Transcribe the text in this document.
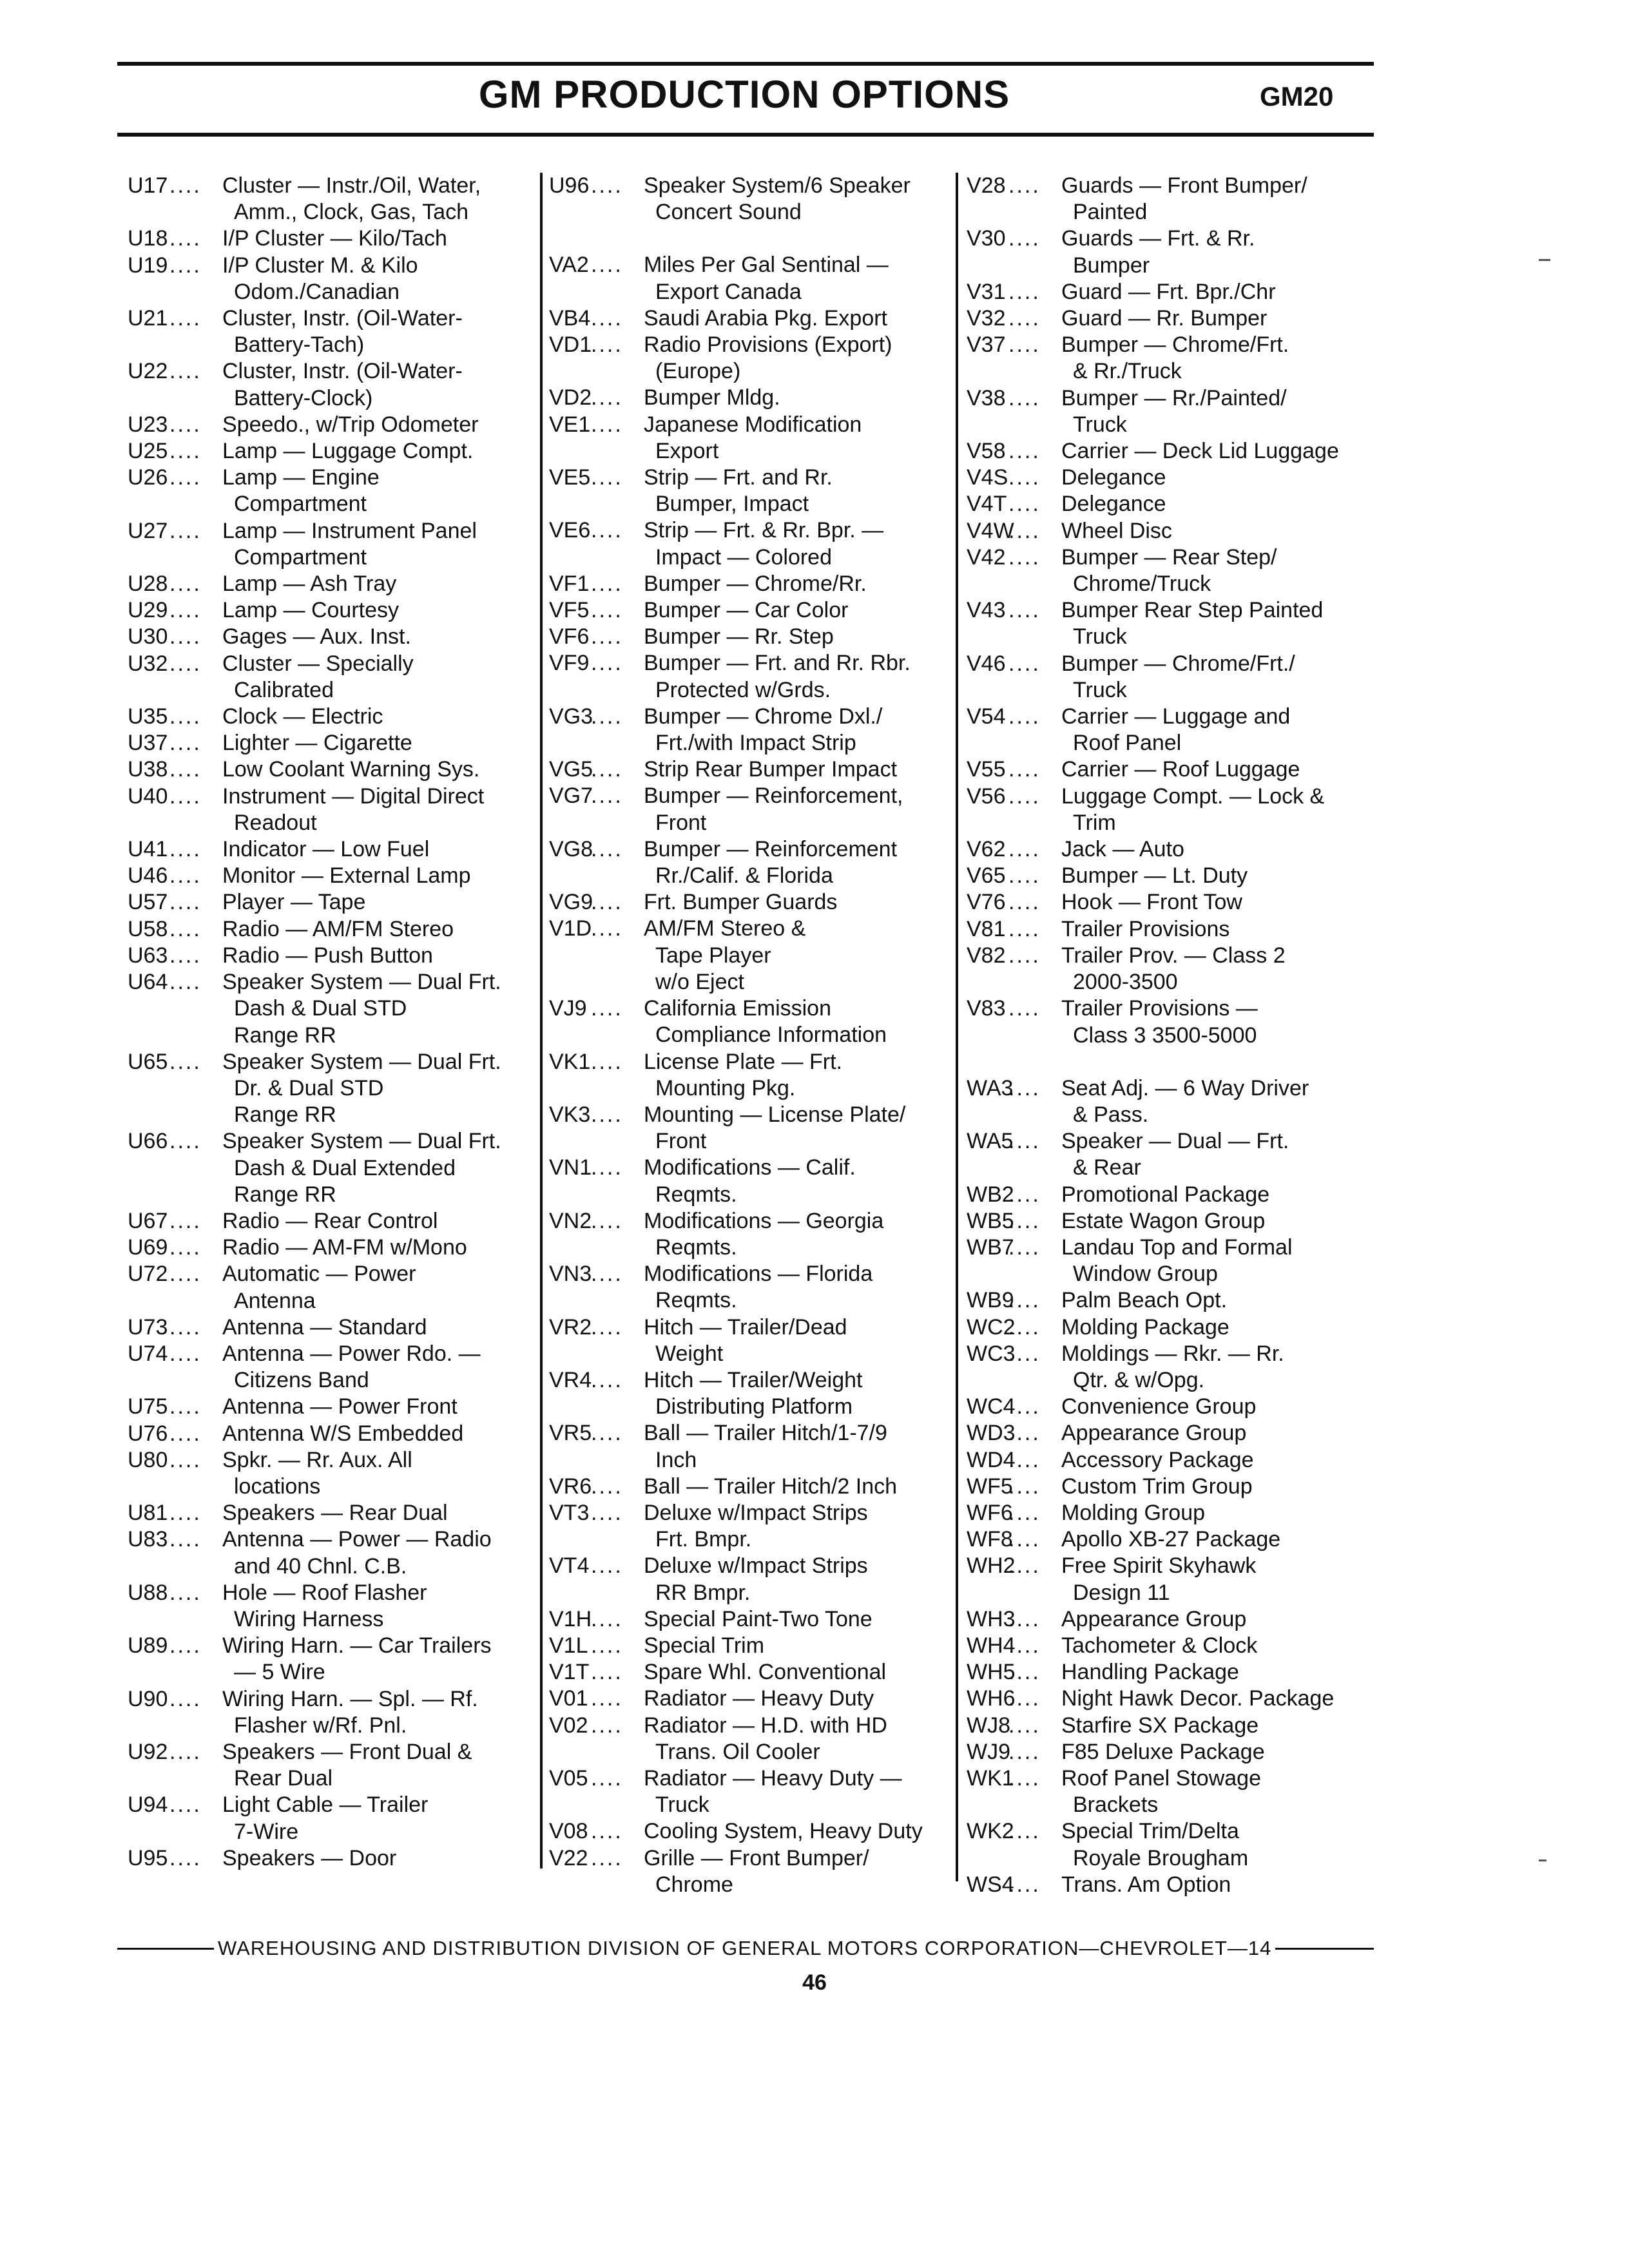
GM PRODUCTION OPTIONS	GM20
U17 .... Cluster — Instr./Oil, Water,
Amm., Clock, Gas, Tach
U18 .... I/P Cluster — Kilo/Tach
U19 .... I/P Cluster M. & Kilo
Odom./Canadian
U21 .... Cluster, Instr. (Oil-Water-
Battery-Tach)
U22 .... Cluster, Instr. (Oil-Water-
Battery-Clock)
U23 .... Speedo., w/Trip Odometer
U25 .... Lamp — Luggage Compt.
U26 .... Lamp — Engine
Compartment
U27 .... Lamp — Instrument Panel
Compartment
U28 .... Lamp — Ash Tray
U29 .... Lamp — Courtesy
U30 .... Gages — Aux. Inst.
U32 .... Cluster — Specially
Calibrated
U35 .... Clock — Electric
U37 .... Lighter — Cigarette
U38 .... Low Coolant Warning Sys.
U40 .... Instrument — Digital Direct
Readout
U41 .... Indicator — Low Fuel
U46 .... Monitor — External Lamp
U57 .... Player — Tape
U58 .... Radio — AM/FM Stereo
U63 .... Radio — Push Button
U64 .... Speaker System — Dual Frt.
Dash & Dual STD
Range RR
U65 .... Speaker System — Dual Frt.
Dr. & Dual STD
Range RR
U66 .... Speaker System — Dual Frt.
Dash & Dual Extended
Range RR
U67 .... Radio — Rear Control
U69 .... Radio — AM-FM w/Mono
U72 .... Automatic — Power
Antenna
U73 .... Antenna — Standard
U74 .... Antenna — Power Rdo. —
Citizens Band
U75 .... Antenna — Power Front
U76 .... Antenna W/S Embedded
U80 .... Spkr. — Rr. Aux. All
locations
U81 .... Speakers — Rear Dual
U83 .... Antenna — Power — Radio
and 40 Chnl. C.B.
U88 .... Hole — Roof Flasher
Wiring Harness
U89 .... Wiring Harn. — Car Trailers
— 5 Wire
U90 .... Wiring Harn. — Spl. — Rf.
Flasher w/Rf. Pnl.
U92 .... Speakers — Front Dual &
Rear Dual
U94 .... Light Cable — Trailer
7-Wire
U95 .... Speakers — Door
U96 .... Speaker System/6 Speaker
Concert Sound
VA2 .... Miles Per Gal Sentinal —
Export Canada
VB4 .... Saudi Arabia Pkg. Export
VD1
.... Radio Provisions (Export)
(Europe)
VD2
.... Bumper Mldg.
VE1 .... Japanese Modification
Export
VE5 .... Strip — Frt. and Rr.
Bumper, Impact
VE6 .... Strip — Frt. & Rr. Bpr. —
Impact — Colored
VF1 .... Bumper — Chrome/Rr.
VF5 .... Bumper — Car Color
VF6 .... Bumper — Rr. Step
VF9 .... Bumper — Frt. and Rr. Rbr.
Protected w/Grds.
VG3
.... Bumper — Chrome Dxl./
Frt./with Impact Strip
VG5
.... Strip Rear Bumper Impact
VG7
.... Bumper — Reinforcement,
Front
VG8
.... Bumper — Reinforcement
Rr./Calif. & Florida
VG9
.... Frt. Bumper Guards
V1D
.... AM/FM Stereo &
Tape Player
w/o Eject
VJ9 .... California Emission
Compliance Information
VK1 .... License Plate — Frt.
Mounting Pkg.
VK3 .... Mounting — License Plate/
Front
VN1
.... Modifications — Calif.
Reqmts.
VN2
.... Modifications — Georgia
Reqmts.
VN3
.... Modifications — Florida
Reqmts.
VR2
.... Hitch — Trailer/Dead
Weight
VR4
.... Hitch — Trailer/Weight
Distributing Platform
VR5
.... Ball — Trailer Hitch/1-7/9
Inch
VR6
.... Ball — Trailer Hitch/2 Inch
VT3 .... Deluxe w/Impact Strips
Frt. Bmpr.
VT4 .... Deluxe w/Impact Strips
RR Bmpr.
V1H
.... Special Paint-Two Tone
V1L .... Special Trim
V1T .... Spare Whl. Conventional
V01 .... Radiator — Heavy Duty
V02 .... Radiator — H.D. with HD
Trans. Oil Cooler
V05 .... Radiator — Heavy Duty —
Truck
V08 .... Cooling System, Heavy Duty
V22 .... Grille — Front Bumper/
Chrome
V28 .... Guards — Front Bumper/
Painted
V30 .... Guards — Frt. & Rr.
Bumper
V31 .... Guard — Frt. Bpr./Chr
V32 .... Guard — Rr. Bumper
V37 .... Bumper — Chrome/Frt.
& Rr./Truck
V38 .... Bumper — Rr./Painted/
Truck
V58 .... Carrier — Deck Lid Luggage
V4S .... Delegance
V4T .... Delegance
V4W
.... Wheel Disc
V42 .... Bumper — Rear Step/
Chrome/Truck
V43 .... Bumper Rear Step Painted
Truck
V46 .... Bumper — Chrome/Frt./
Truck
V54 .... Carrier — Luggage and
Roof Panel
V55 .... Carrier — Roof Luggage
V56 .... Luggage Compt. — Lock &
Trim
V62 .... Jack — Auto
V65 .... Bumper — Lt. Duty
V76 .... Hook — Front Tow
V81 .... Trailer Provisions
V82 .... Trailer Prov. — Class 2
2000-3500
V83 .... Trailer Provisions —
Class 3 3500-5000
WA3
.... Seat Adj. — 6 Way Driver
& Pass.
WA5
.... Speaker — Dual — Frt.
& Rear
WB2
.... Promotional Package
WB5
.... Estate Wagon Group
WB7
.... Landau Top and Formal
Window Group
WB9
.... Palm Beach Opt.
WC2
.... Molding Package
WC3
.... Moldings — Rkr. — Rr.
Qtr. & w/Opg.
WC4
.... Convenience Group
WD3
.... Appearance Group
WD4
.... Accessory Package
WF5
.... Custom Trim Group
WF6
.... Molding Group
WF8
.... Apollo XB-27 Package
WH2
.... Free Spirit Skyhawk
Design 11
WH3
.... Appearance Group
WH4
.... Tachometer & Clock
WH5
.... Handling Package
WH6
.... Night Hawk Decor. Package
WJ8
.... Starfire SX Package
WJ9
.... F85 Deluxe Package
WK1
.... Roof Panel Stowage
Brackets
WK2
.... Special Trim/Delta
Royale Brougham
WS4
.... Trans. Am Option
WAREHOUSING AND DISTRIBUTION DIVISION OF GENERAL MOTORS CORPORATION—CHEVROLET—14
46
